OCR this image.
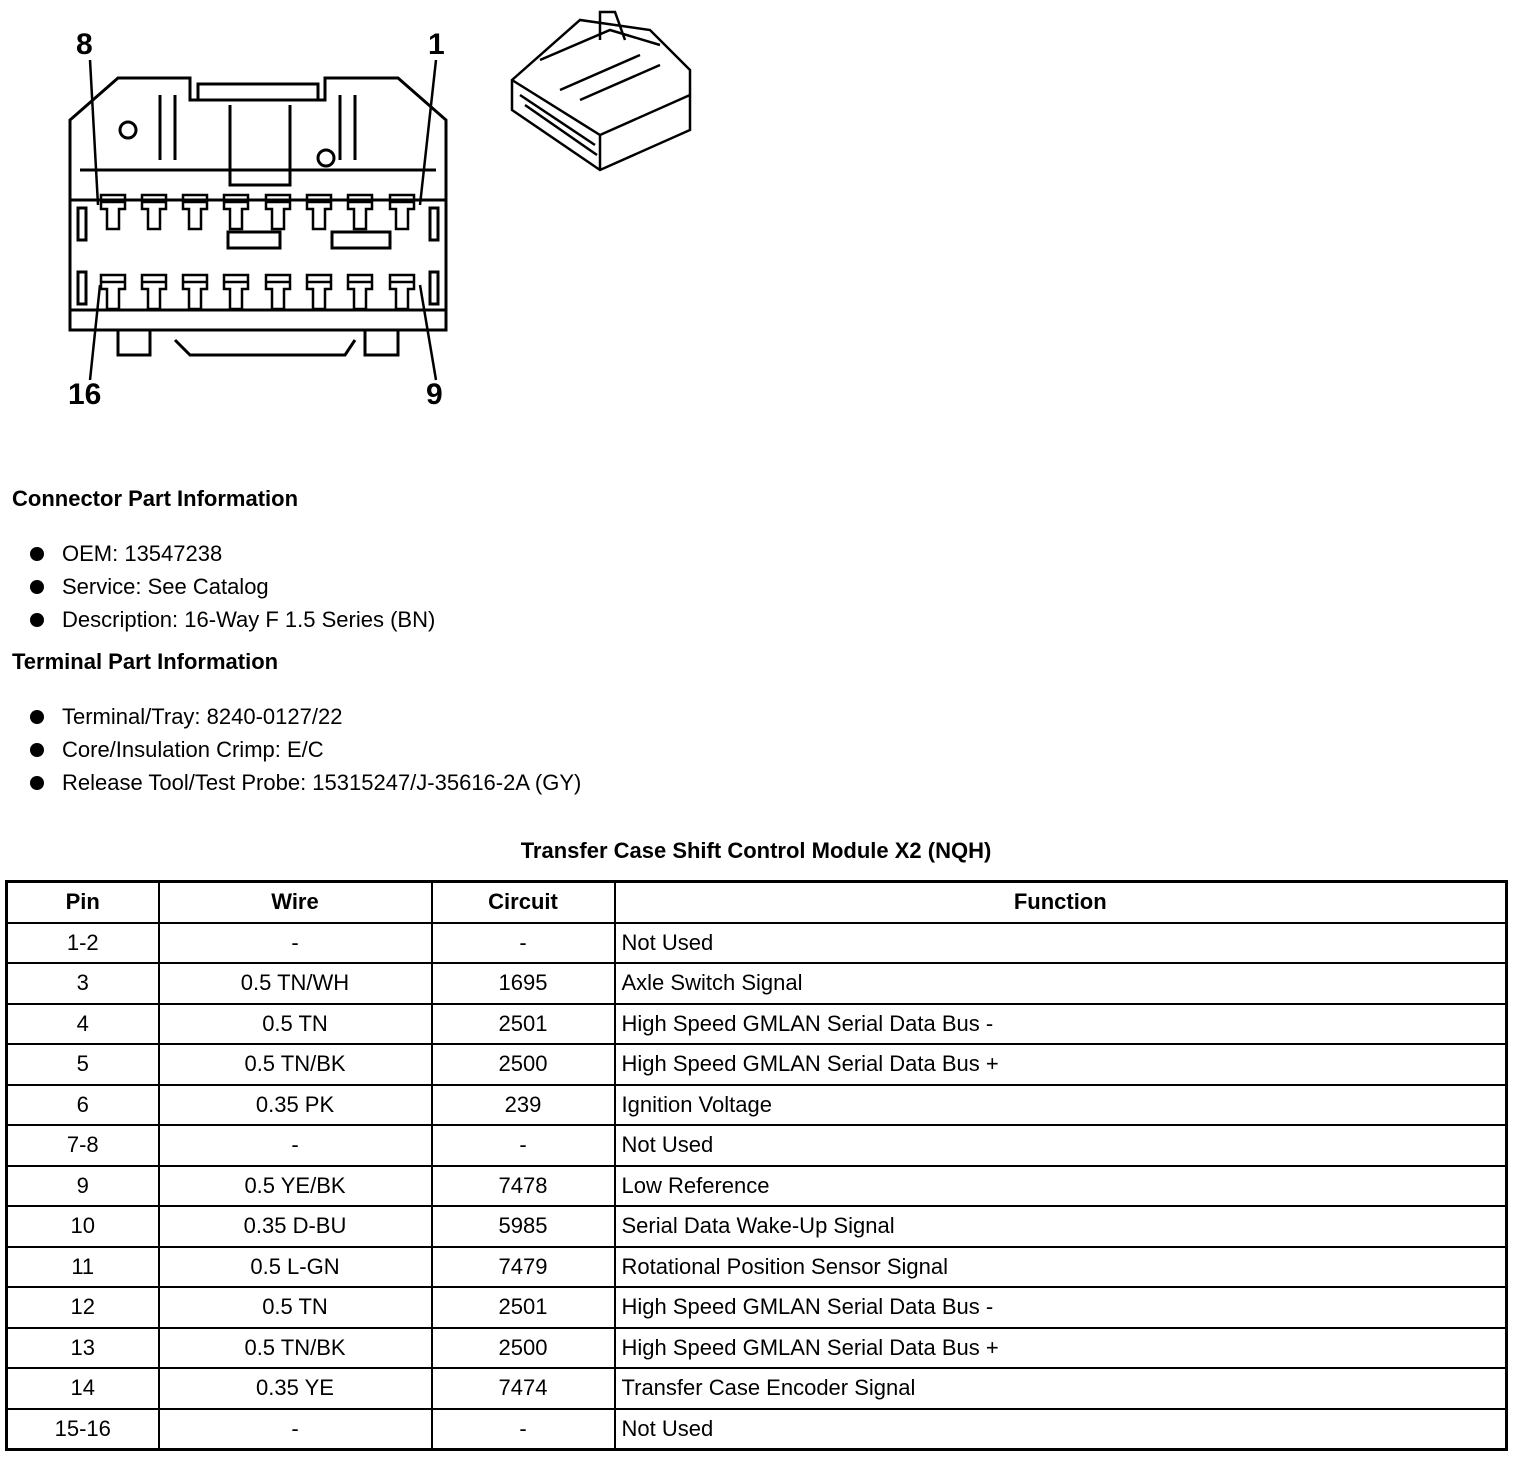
8	1
16	9
Connector Part Information
OEM: 13547238
Service: See Catalog
Description: 16-Way F 1.5 Series (BN)
Terminal Part Information
Terminal/Tray: 8240-0127/22
Core/Insulation Crimp: E/C
Release Tool/Test Probe: 15315247/J-35616-2A (GY)
Transfer Case Shift Control Module X2 (NQH)
Pin	Wire	Circuit	Function
1-2	-	-	Not Used
3	0.5 TN/WH	1695	Axle Switch Signal
4	0.5 TN	2501	High Speed GMLAN Serial Data Bus -
5	0.5 TN/BK	2500	High Speed GMLAN Serial Data Bus +
6	0.35 PK	239	Ignition Voltage
7-8	-	-	Not Used
9	0.5 YE/BK	7478	Low Reference
10	0.35 D-BU	5985	Serial Data Wake-Up Signal
11	0.5 L-GN	7479	Rotational Position Sensor Signal
12	0.5 TN	2501	High Speed GMLAN Serial Data Bus -
13	0.5 TN/BK	2500	High Speed GMLAN Serial Data Bus +
14	0.35 YE	7474	Transfer Case Encoder Signal
15-16	-	-	Not Used
